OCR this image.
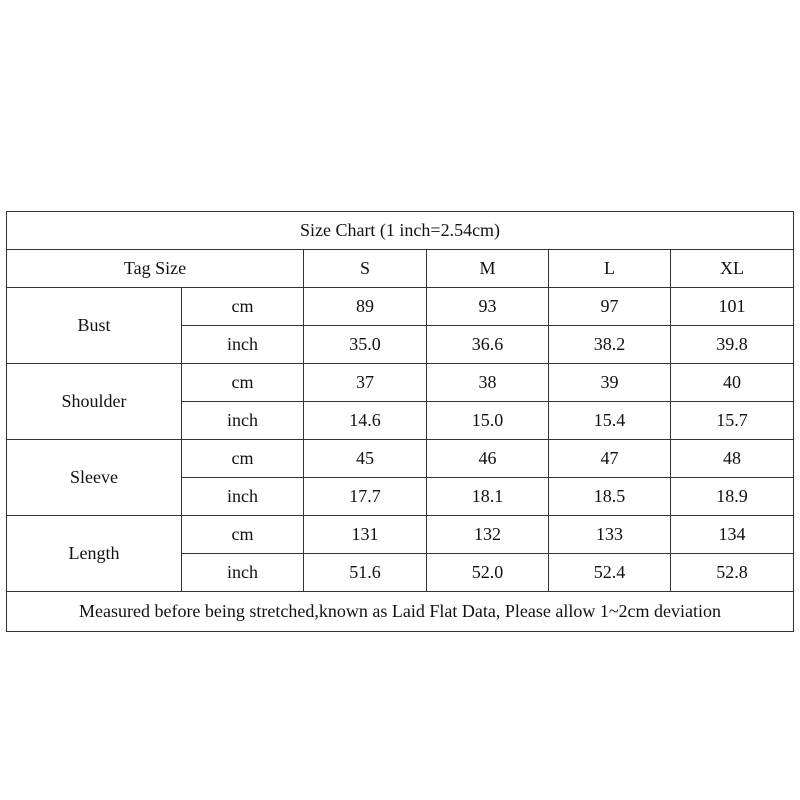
Size Chart (1 inch=2.54cm)					
Tag Size		S	M	L	XL
Bust	cm	89	93	97	101
	inch	35.0	36.6	38.2	39.8
Shoulder	cm	37	38	39	40
	inch	14.6	15.0	15.4	15.7
Sleeve	cm	45	46	47	48
	inch	17.7	18.1	18.5	18.9
Length	cm	131	132	133	134
	inch	51.6	52.0	52.4	52.8
Measured before being stretched,known as Laid Flat Data, Please allow 1~2cm deviation					
